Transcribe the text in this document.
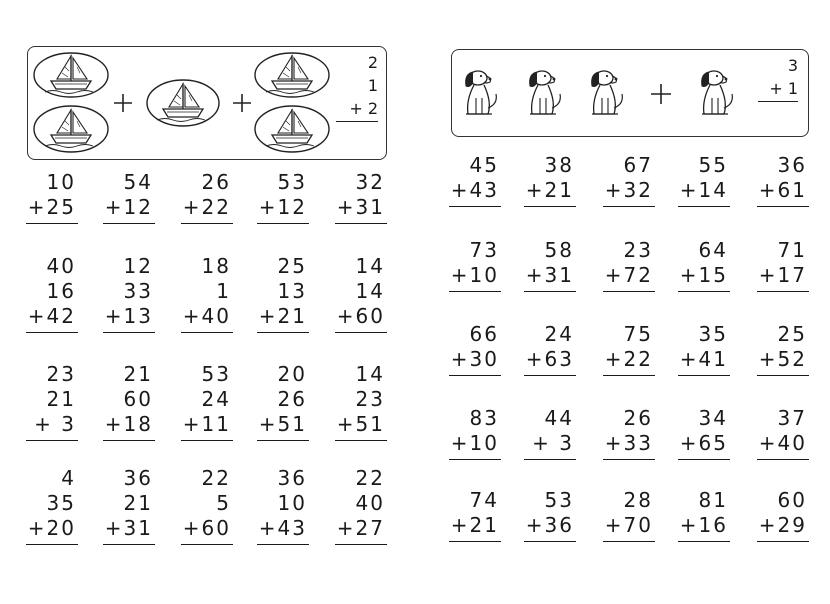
2
1
+ 2
3
+ 1
10
+25
54
+12
26
+22
53
+12
32
+31
40
16
+42
12
33
+13
18
1
+40
25
13
+21
14
14
+60
23
21
+ 3
21
60
+18
53
24
+11
20
26
+51
14
23
+51
4
35
+20
36
21
+31
22
5
+60
36
10
+43
22
40
+27
45
+43
38
+21
67
+32
55
+14
36
+61
73
+10
58
+31
23
+72
64
+15
71
+17
66
+30
24
+63
75
+22
35
+41
25
+52
83
+10
44
+ 3
26
+33
34
+65
37
+40
74
+21
53
+36
28
+70
81
+16
60
+29
